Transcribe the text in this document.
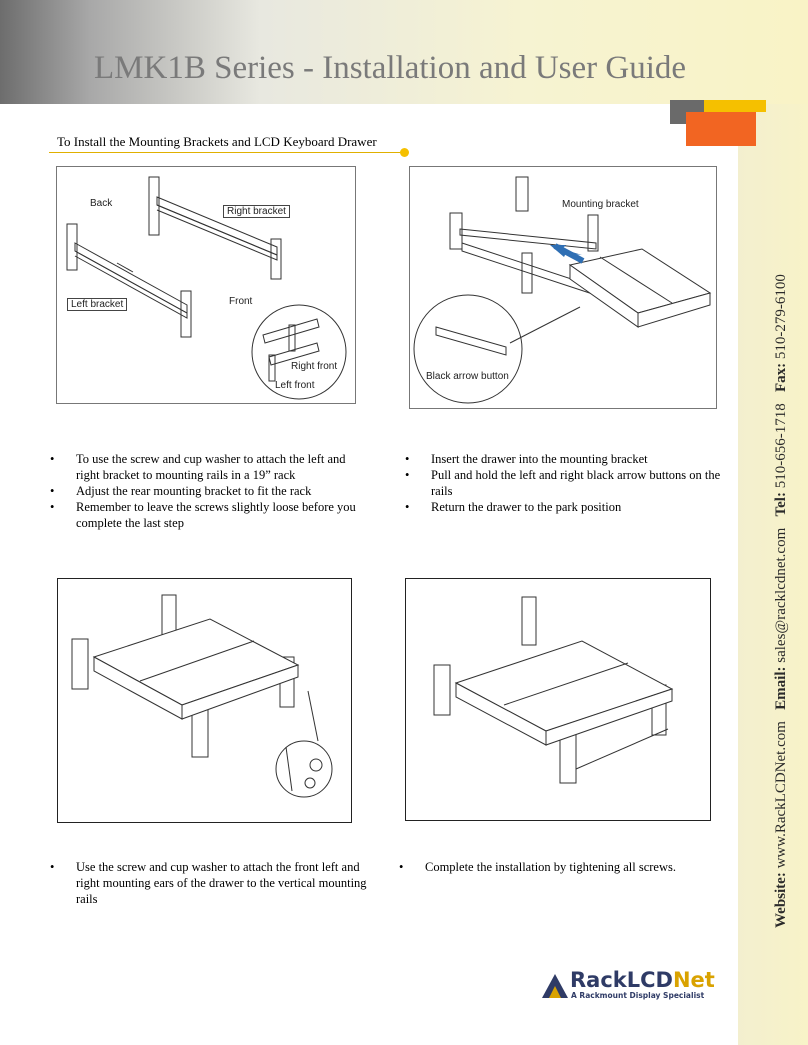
LMK1B Series - Installation and User Guide
Website: www.RackLCDNet.com   Email: sales@racklcdnet.com   Tel: 510-656-1718   Fax: 510-279-6100
To Install the Mounting Brackets and LCD Keyboard Drawer
Back
Right bracket
Left bracket	Front
Right front
Left front
Mounting bracket
Black arrow button
• To use the screw and cup washer to attach the left and right bracket to mounting rails in a 19” rack
• Adjust the rear mounting bracket to fit the rack
• Remember to leave the screws slightly loose before you complete the last step
• Insert the drawer into the mounting bracket
• Pull and hold the left and right black arrow buttons on the rails
• Return the drawer to the park position
• Use the screw and cup washer to attach the front left and right mounting ears of the drawer to the vertical mounting rails
• Complete the installation by tightening all screws.
RackLCDNet
A Rackmount Display Specialist
